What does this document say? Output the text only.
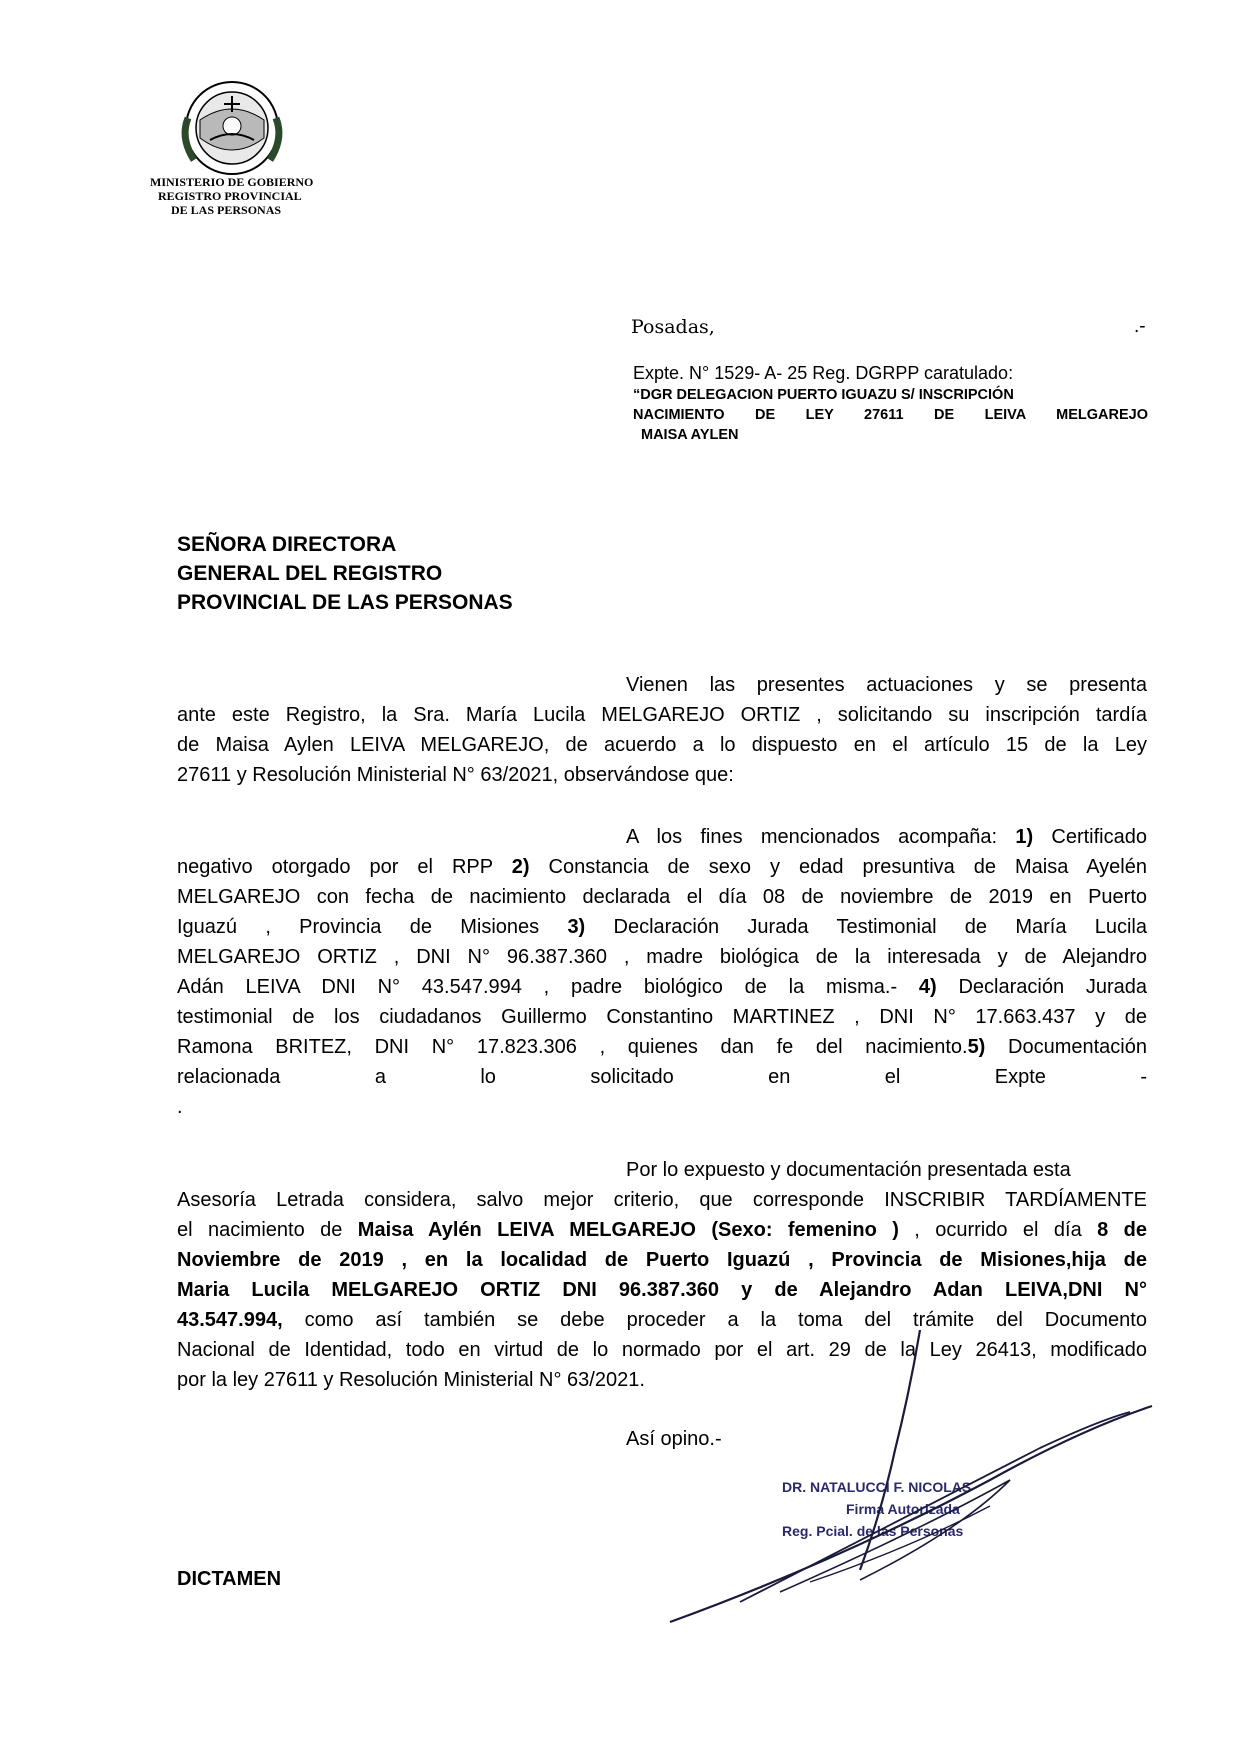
MINISTERIO DE GOBIERNO
REGISTRO PROVINCIAL
DE LAS PERSONAS
Posadas,	.-
Expte. N° 1529- A- 25 Reg. DGRPP caratulado:
“DGR DELEGACION PUERTO IGUAZU S/ INSCRIPCIÓN
NACIMIENTO DE LEY 27611 DE LEIVA MELGAREJO
MAISA AYLEN
SEÑORA DIRECTORA
GENERAL DEL REGISTRO
PROVINCIAL DE LAS PERSONAS
Vienen las presentes actuaciones y se presenta
ante este Registro, la Sra. María Lucila MELGAREJO ORTIZ , solicitando su inscripción tardía
de Maisa Aylen LEIVA MELGAREJO, de acuerdo a lo dispuesto en el artículo 15 de la Ley
27611 y Resolución Ministerial N° 63/2021, observándose que:
A los fines mencionados acompaña: 1) Certificado
negativo otorgado por el RPP 2) Constancia de sexo y edad presuntiva de Maisa Ayelén
MELGAREJO con fecha de nacimiento declarada el día 08 de noviembre de 2019 en Puerto
Iguazú , Provincia de Misiones 3) Declaración Jurada Testimonial de María Lucila
MELGAREJO ORTIZ , DNI N° 96.387.360 , madre biológica de la interesada y de Alejandro
Adán LEIVA DNI N° 43.547.994 , padre biológico de la misma.- 4) Declaración Jurada
testimonial de los ciudadanos Guillermo Constantino MARTINEZ , DNI N° 17.663.437 y de
Ramona BRITEZ, DNI N° 17.823.306 , quienes dan fe del nacimiento.5) Documentación
relacionada a lo solicitado en el Expte -
.
Por lo expuesto y documentación presentada esta
Asesoría Letrada considera, salvo mejor criterio, que corresponde INSCRIBIR TARDÍAMENTE
el nacimiento de Maisa Aylén LEIVA MELGAREJO (Sexo: femenino ) , ocurrido el día 8 de
Noviembre de 2019 , en la localidad de Puerto Iguazú , Provincia de Misiones,hija de
Maria Lucila MELGAREJO ORTIZ DNI 96.387.360 y de Alejandro Adan LEIVA,DNI N°
43.547.994, como así también se debe proceder a la toma del trámite del Documento
Nacional de Identidad, todo en virtud de lo normado por el art. 29 de la Ley 26413, modificado
por la ley 27611 y Resolución Ministerial N° 63/2021.
Así opino.-
DR. NATALUCCI F. NICOLAS
Firma Autorizada
Reg. Pcial. de las Personas
DICTAMEN
